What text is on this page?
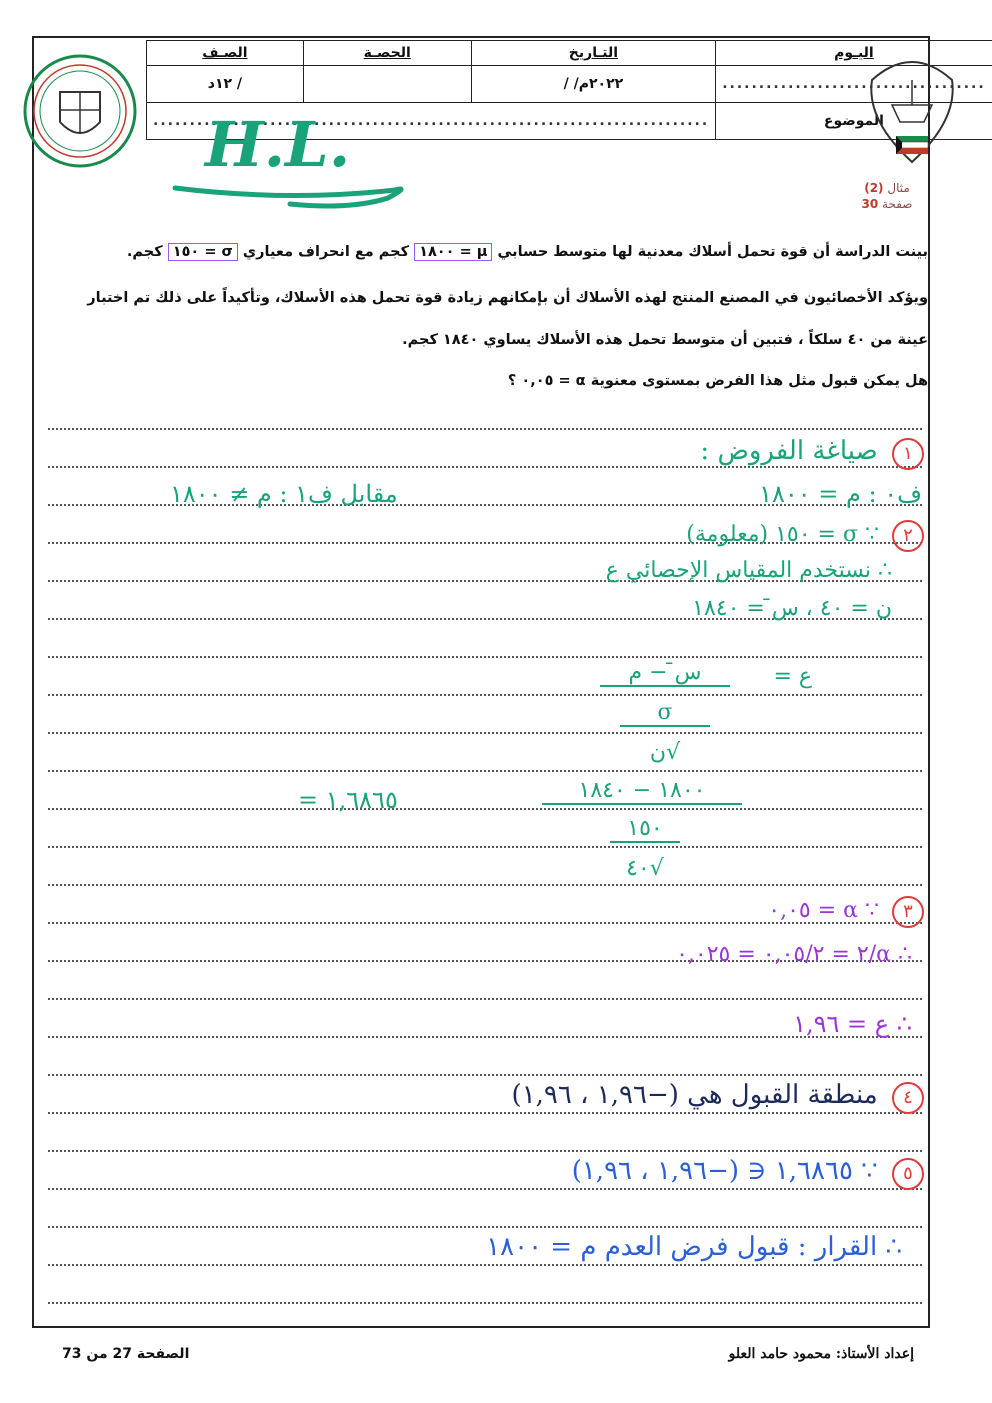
الصـف	الحصـة	التـاريخ	اليـوم
١٢د /		/ /٢٠٢٢م	....................................
............................................................................			الموضوع
H.L.
مثال (2)
صفحة 30
بينت الدراسة أن قوة تحمل أسلاك معدنية لها متوسط حسابي μ = ١٨٠٠ كجم مع انحراف معياري σ = ١٥٠ كجم.
ويؤكد الأخصائيون في المصنع المنتج لهذه الأسلاك أن بإمكانهم زيادة قوة تحمل هذه الأسلاك، وتأكيداً على ذلك تم اختبار
عينة من ٤٠ سلكاً ، فتبين أن متوسط تحمل هذه الأسلاك يساوي ١٨٤٠ كجم.
هل يمكن قبول مثل هذا الفرض بمستوى معنوية α = ٠,٠٥ ؟
١ صياغة الفروض :
ف٠ : م = ١٨٠٠
مقابل ف١ : م ≠ ١٨٠٠
٢ ∵ σ = ١٥٠ (معلومة)
∴ نستخدم المقياس الإحصائي ع
ن = ٤٠ ، س̄ = ١٨٤٠
ع =
س̄ − م
σ
√ن
١٨٠٠ − ١٨٤٠
١٥٠
√٤٠
= ١,٦٨٦٥
٣ ∵ α = ٠,٠٥
∴ α/٢ = ٠,٠٥/٢ = ٠,٠٢٥
∴ ع = ١,٩٦
٤ منطقة القبول هي (−١,٩٦ ، ١,٩٦)
٥ ∵ ١,٦٨٦٥ ∈ (−١,٩٦ ، ١,٩٦)
∴ القرار : قبول فرض العدم م = ١٨٠٠
إعداد الأستاذ: محمود حامد العلو
الصفحة 27 من 73
